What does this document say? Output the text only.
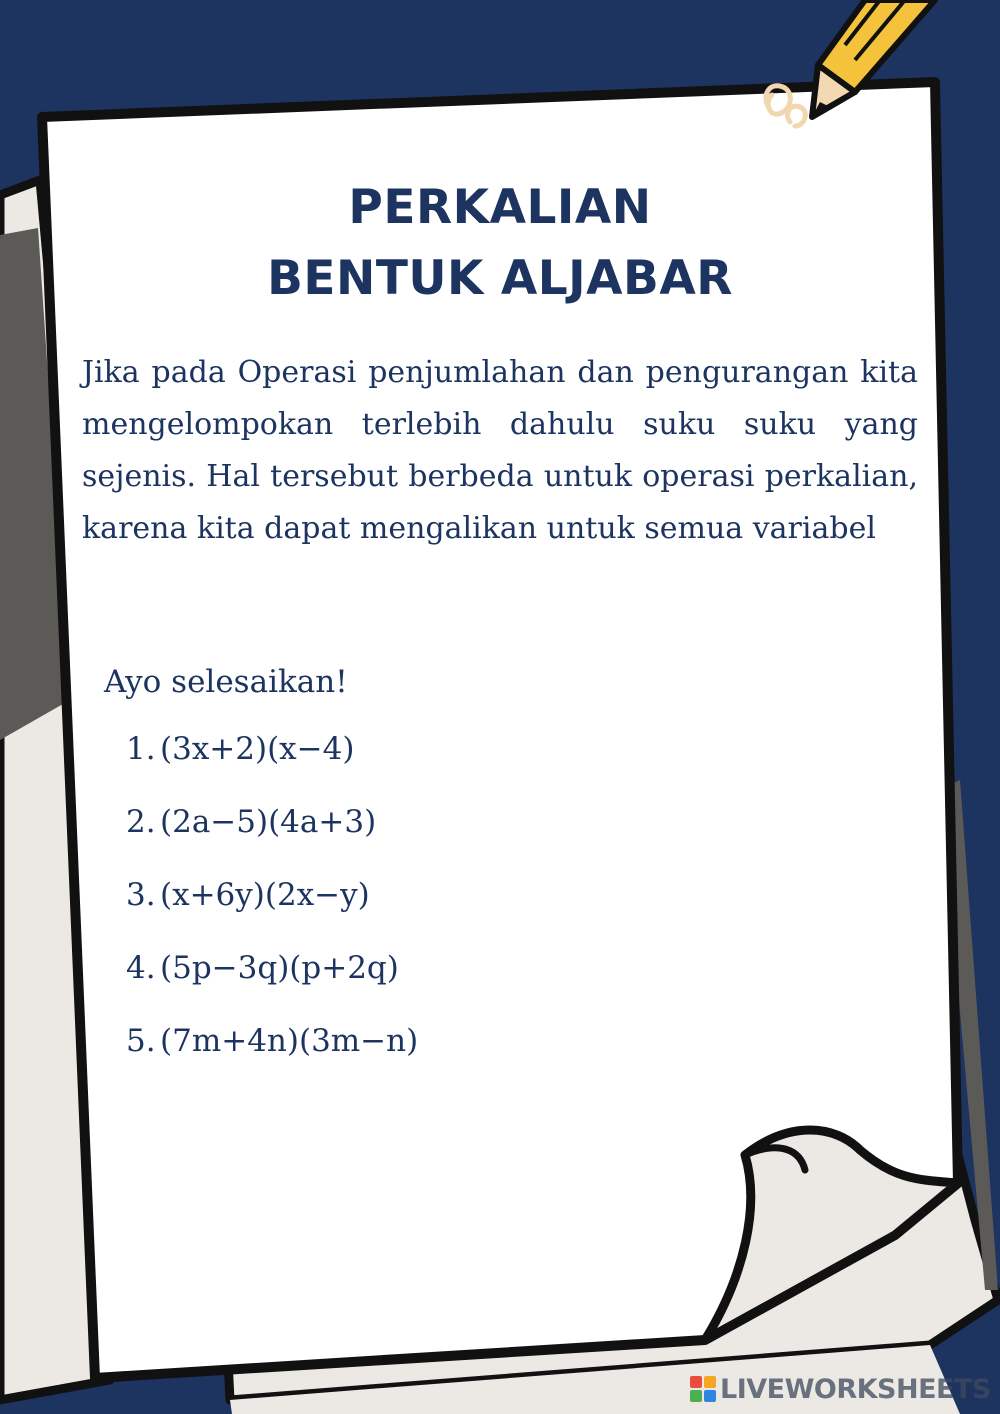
PERKALIAN
BENTUK ALJABAR

Jika pada Operasi penjumlahan dan pengurangan kita mengelompokan terlebih dahulu suku suku yang sejenis. Hal tersebut berbeda untuk operasi perkalian, karena kita dapat mengalikan untuk semua variabel

Ayo selesaikan!

1. (3x+2)(x−4)
2. (2a−5)(4a+3)
3. (x+6y)(2x−y)
4. (5p−3q)(p+2q)
5. (7m+4n)(3m−n)
LIVEWORKSHEETS
